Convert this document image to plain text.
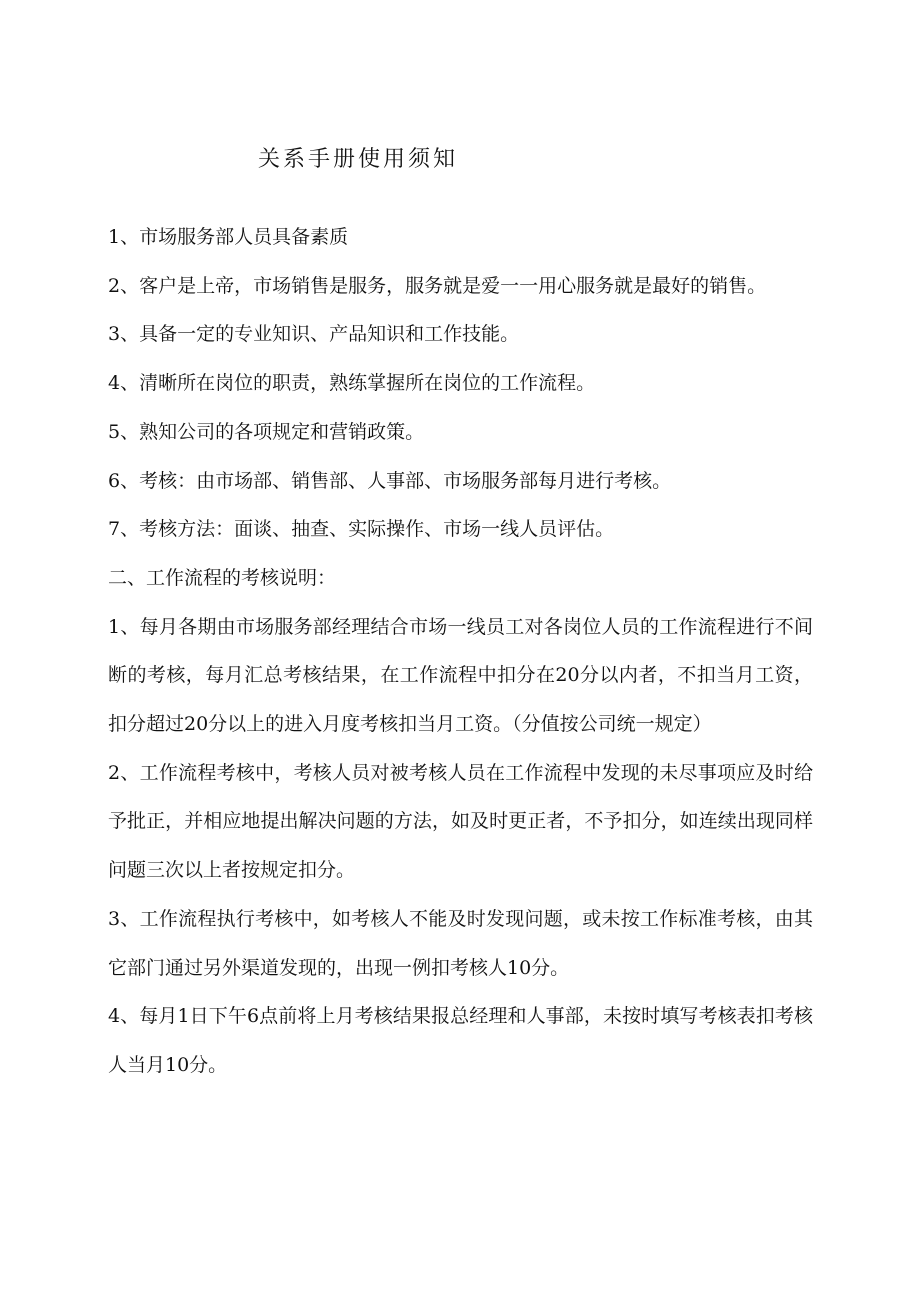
关系手册使用须知

1、市场服务部人员具备素质

2、客户是上帝，市场销售是服务，服务就是爱一一用心服务就是最好的销售。

3、具备一定的专业知识、产品知识和工作技能。

4、清晰所在岗位的职责，熟练掌握所在岗位的工作流程。

5、熟知公司的各项规定和营销政策。

6、考核：由市场部、销售部、人事部、市场服务部每月进行考核。

7、考核方法：面谈、抽查、实际操作、市场一线人员评估。

二、工作流程的考核说明：

1、每月各期由市场服务部经理结合市场一线员工对各岗位人员的工作流程进行不间断的考核，每月汇总考核结果，在工作流程中扣分在20分以内者，不扣当月工资，扣分超过20分以上的进入月度考核扣当月工资。（分值按公司统一规定）

2、工作流程考核中，考核人员对被考核人员在工作流程中发现的未尽事项应及时给予批正，并相应地提出解决问题的方法，如及时更正者，不予扣分，如连续出现同样问题三次以上者按规定扣分。

3、工作流程执行考核中，如考核人不能及时发现问题，或未按工作标准考核，由其它部门通过另外渠道发现的，出现一例扣考核人10分。

4、每月1日下午6点前将上月考核结果报总经理和人事部，未按时填写考核表扣考核人当月10分。
